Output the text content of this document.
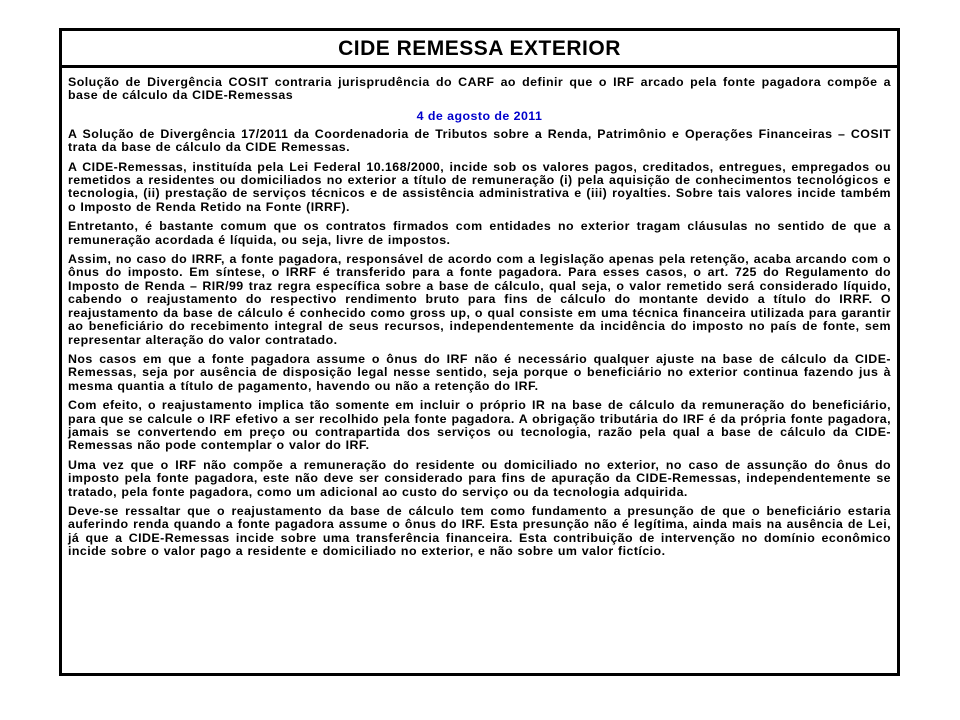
CIDE REMESSA EXTERIOR

Solução de Divergência COSIT contraria jurisprudência do CARF ao definir que o IRF arcado pela fonte pagadora compõe a base de cálculo da CIDE-Remessas

4 de agosto de 2011

A Solução de Divergência 17/2011 da Coordenadoria de Tributos sobre a Renda, Patrimônio e Operações Financeiras – COSIT trata da base de cálculo da CIDE Remessas.

A CIDE-Remessas, instituída pela Lei Federal 10.168/2000, incide sob os valores pagos, creditados, entregues, empregados ou remetidos a residentes ou domiciliados no exterior a título de remuneração (i) pela aquisição de conhecimentos tecnológicos e tecnologia, (ii) prestação de serviços técnicos e de assistência administrativa e (iii) royalties. Sobre tais valores incide também o Imposto de Renda Retido na Fonte (IRRF).

Entretanto, é bastante comum que os contratos firmados com entidades no exterior tragam cláusulas no sentido de que a remuneração acordada é líquida, ou seja, livre de impostos.

Assim, no caso do IRRF, a fonte pagadora, responsável de acordo com a legislação apenas pela retenção, acaba arcando com o ônus do imposto. Em síntese, o IRRF é transferido para a fonte pagadora. Para esses casos, o art. 725 do Regulamento do Imposto de Renda – RIR/99 traz regra específica sobre a base de cálculo, qual seja, o valor remetido será considerado líquido, cabendo o reajustamento do respectivo rendimento bruto para fins de cálculo do montante devido a título do IRRF. O reajustamento da base de cálculo é conhecido como gross up, o qual consiste em uma técnica financeira utilizada para garantir ao beneficiário do recebimento integral de seus recursos, independentemente da incidência do imposto no país de fonte, sem representar alteração do valor contratado.

Nos casos em que a fonte pagadora assume o ônus do IRF não é necessário qualquer ajuste na base de cálculo da CIDE-Remessas, seja por ausência de disposição legal nesse sentido, seja porque o beneficiário no exterior continua fazendo jus à mesma quantia a título de pagamento, havendo ou não a retenção do IRF.

Com efeito, o reajustamento implica tão somente em incluir o próprio IR na base de cálculo da remuneração do beneficiário, para que se calcule o IRF efetivo a ser recolhido pela fonte pagadora. A obrigação tributária do IRF é da própria fonte pagadora, jamais se convertendo em preço ou contrapartida dos serviços ou tecnologia, razão pela qual a base de cálculo da CIDE-Remessas não pode contemplar o valor do IRF.

Uma vez que o IRF não compõe a remuneração do residente ou domiciliado no exterior, no caso de assunção do ônus do imposto pela fonte pagadora, este não deve ser considerado para fins de apuração da CIDE-Remessas, independentemente se tratado, pela fonte pagadora, como um adicional ao custo do serviço ou da tecnologia adquirida.

Deve-se ressaltar que o reajustamento da base de cálculo tem como fundamento a presunção de que o beneficiário estaria auferindo renda quando a fonte pagadora assume o ônus do IRF. Esta presunção não é legítima, ainda mais na ausência de Lei, já que a CIDE-Remessas incide sobre uma transferência financeira. Esta contribuição de intervenção no domínio econômico incide sobre o valor pago a residente e domiciliado no exterior, e não sobre um valor fictício.
